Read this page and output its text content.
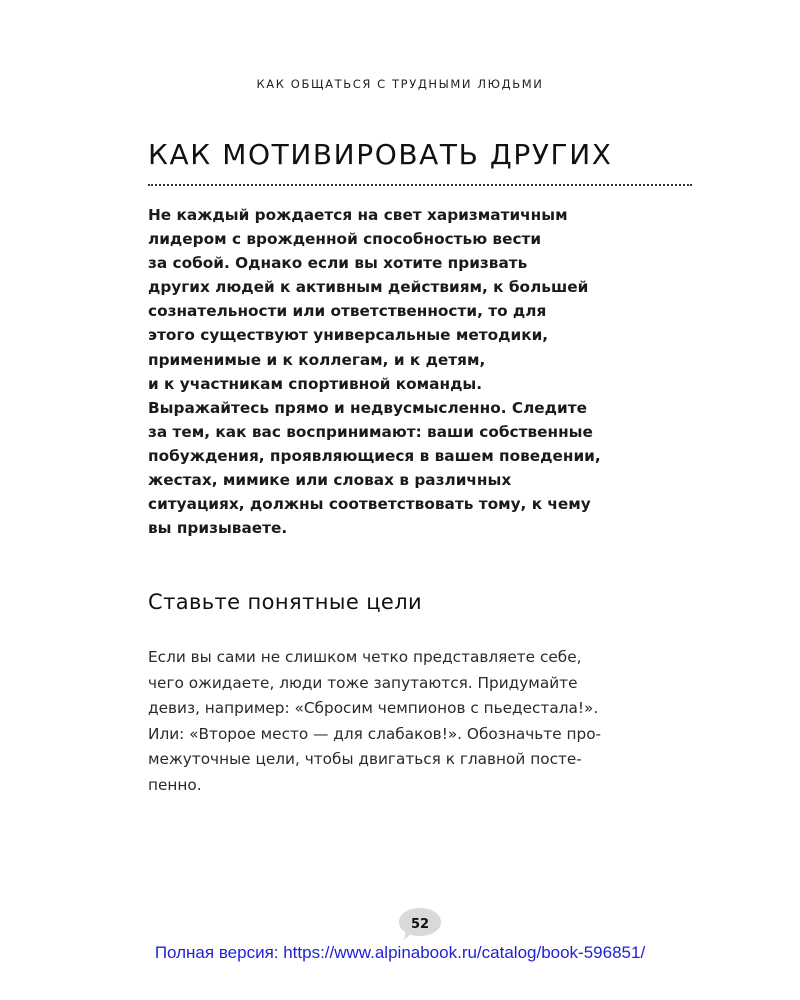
КАК ОБЩАТЬСЯ С ТРУДНЫМИ ЛЮДЬМИ
КАК МОТИВИРОВАТЬ ДРУГИХ

Не каждый рождается на свет харизматичным
лидером с врожденной способностью вести
за собой. Однако если вы хотите призвать
других людей к активным действиям, к большей
сознательности или ответственности, то для
этого существуют универсальные методики,
применимые и к коллегам, и к детям,
и к участникам спортивной команды.
Выражайтесь прямо и недвусмысленно. Следите
за тем, как вас воспринимают: ваши собственные
побуждения, проявляющиеся в вашем поведении,
жестах, мимике или словах в различных
ситуациях, должны соответствовать тому, к чему
вы призываете.

Ставьте понятные цели

Если вы сами не слишком четко представляете себе,
чего ожидаете, люди тоже запутаются. Придумайте
девиз, например: «Сбросим чемпионов с пьедестала!».
Или: «Второе место — для слабаков!». Обозначьте про-
межуточные цели, чтобы двигаться к главной посте-
пенно.

52
Полная версия: https://www.alpinabook.ru/catalog/book-596851/
